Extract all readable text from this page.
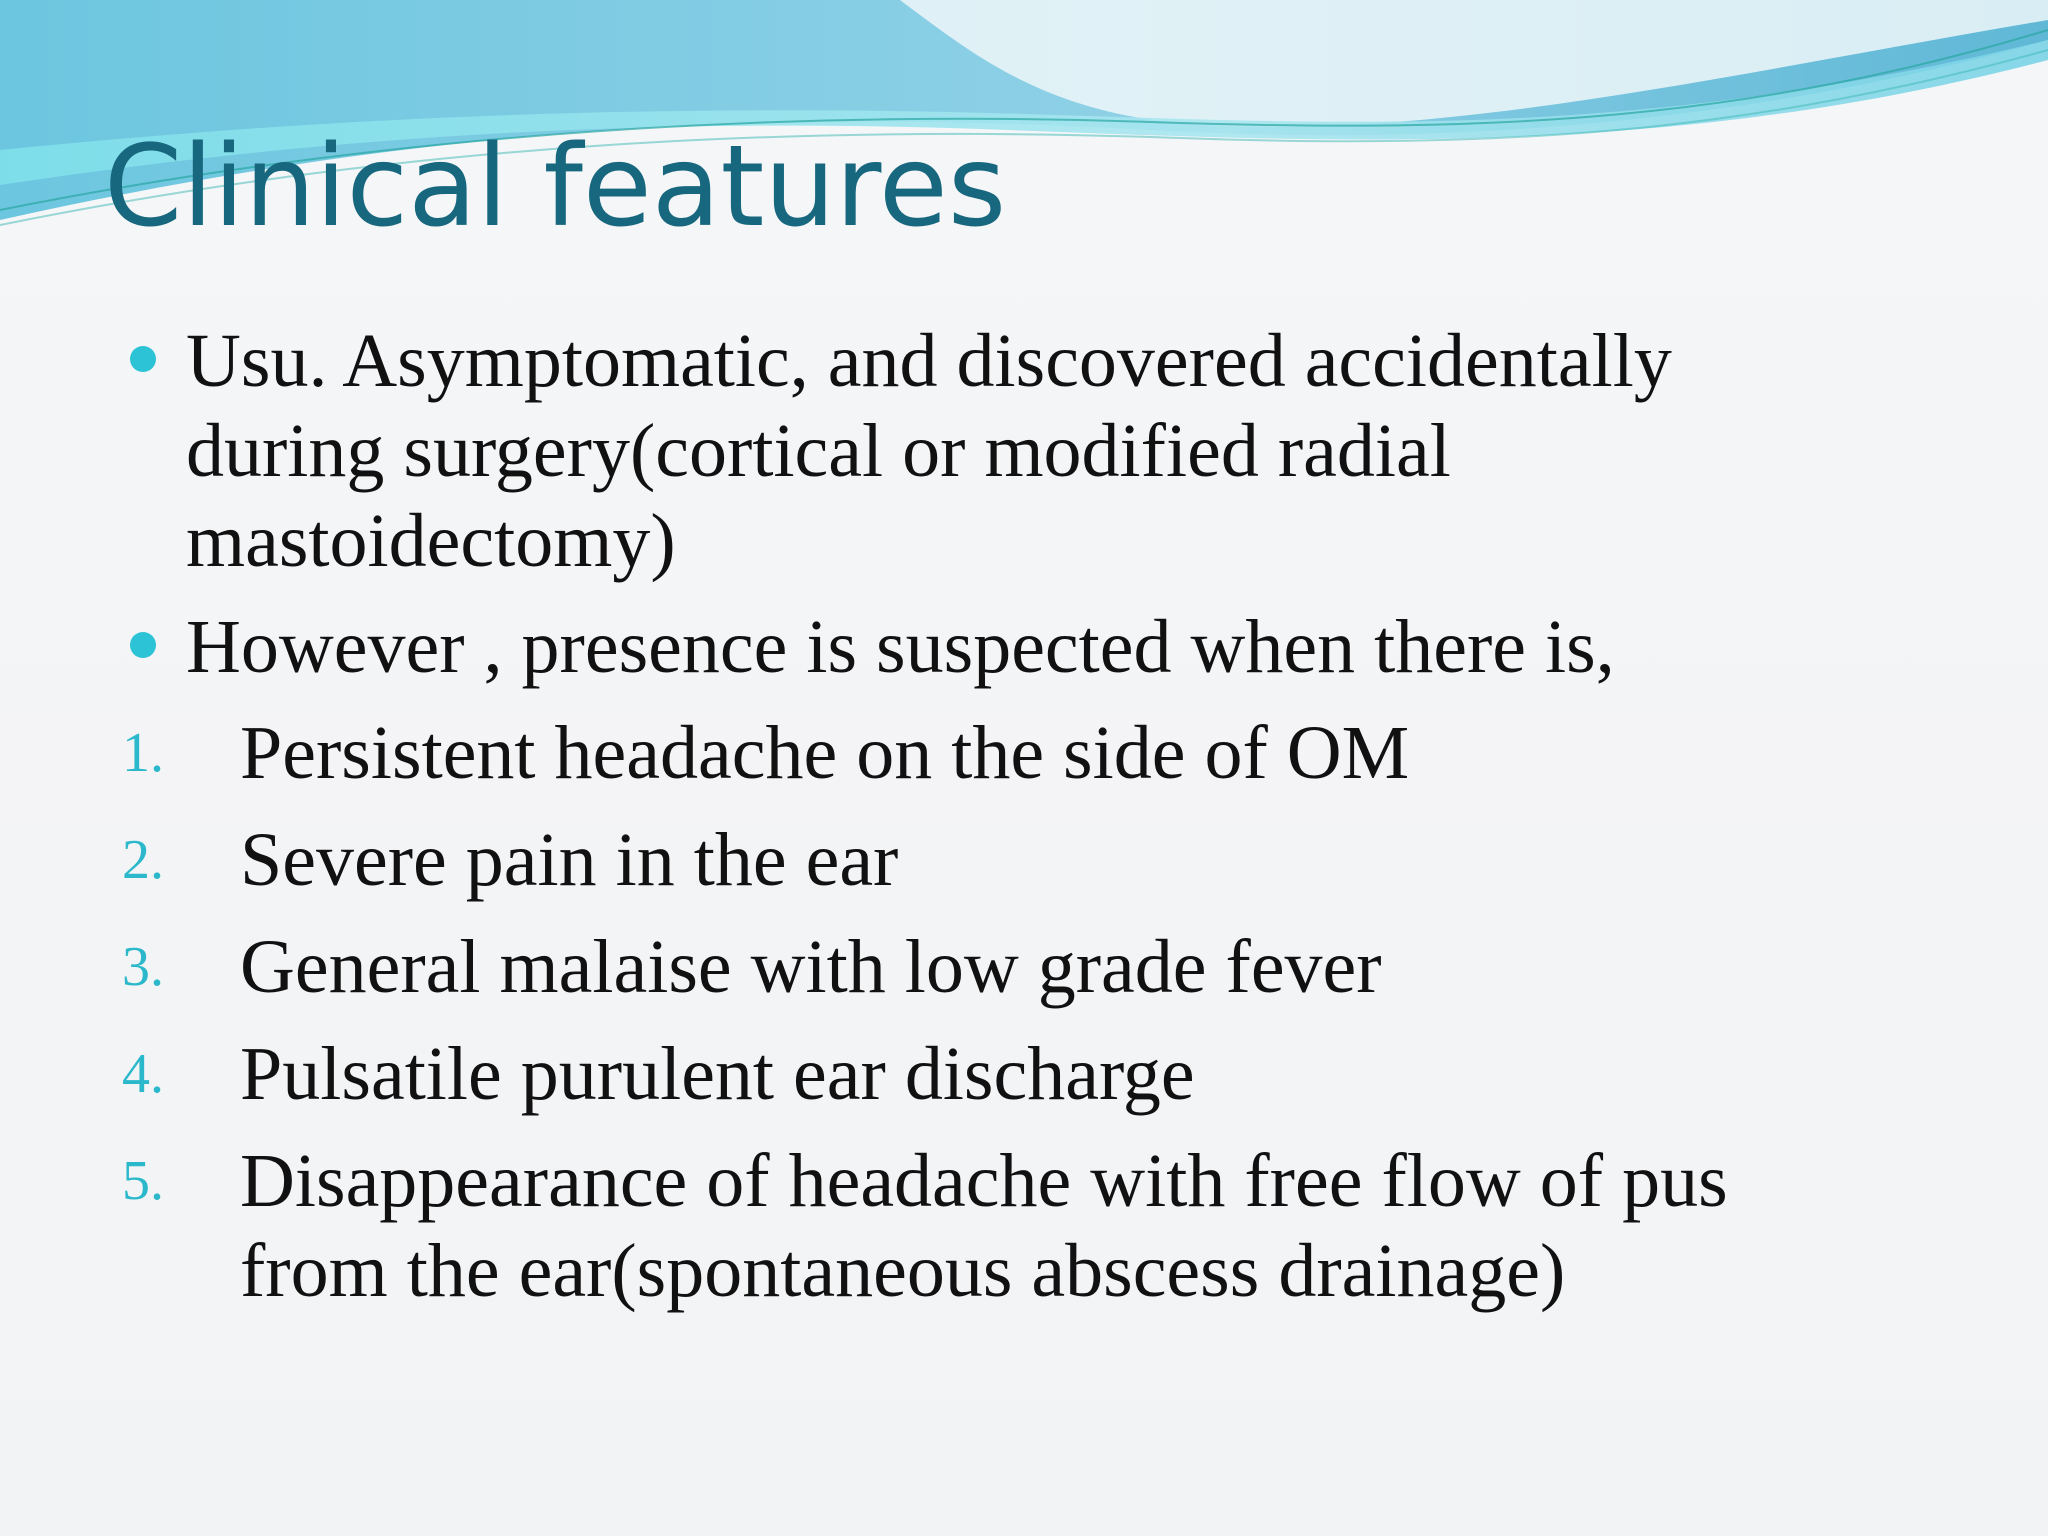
Clinical features
Usu. Asymptomatic, and discovered accidentally
during surgery(cortical or modified radial
mastoidectomy)
However , presence is suspected when there is,
1. Persistent headache on the side of OM
2. Severe pain in the ear
3. General malaise with low grade fever
4. Pulsatile purulent ear discharge
5. Disappearance of headache with free flow of pus
from the ear(spontaneous abscess drainage)
